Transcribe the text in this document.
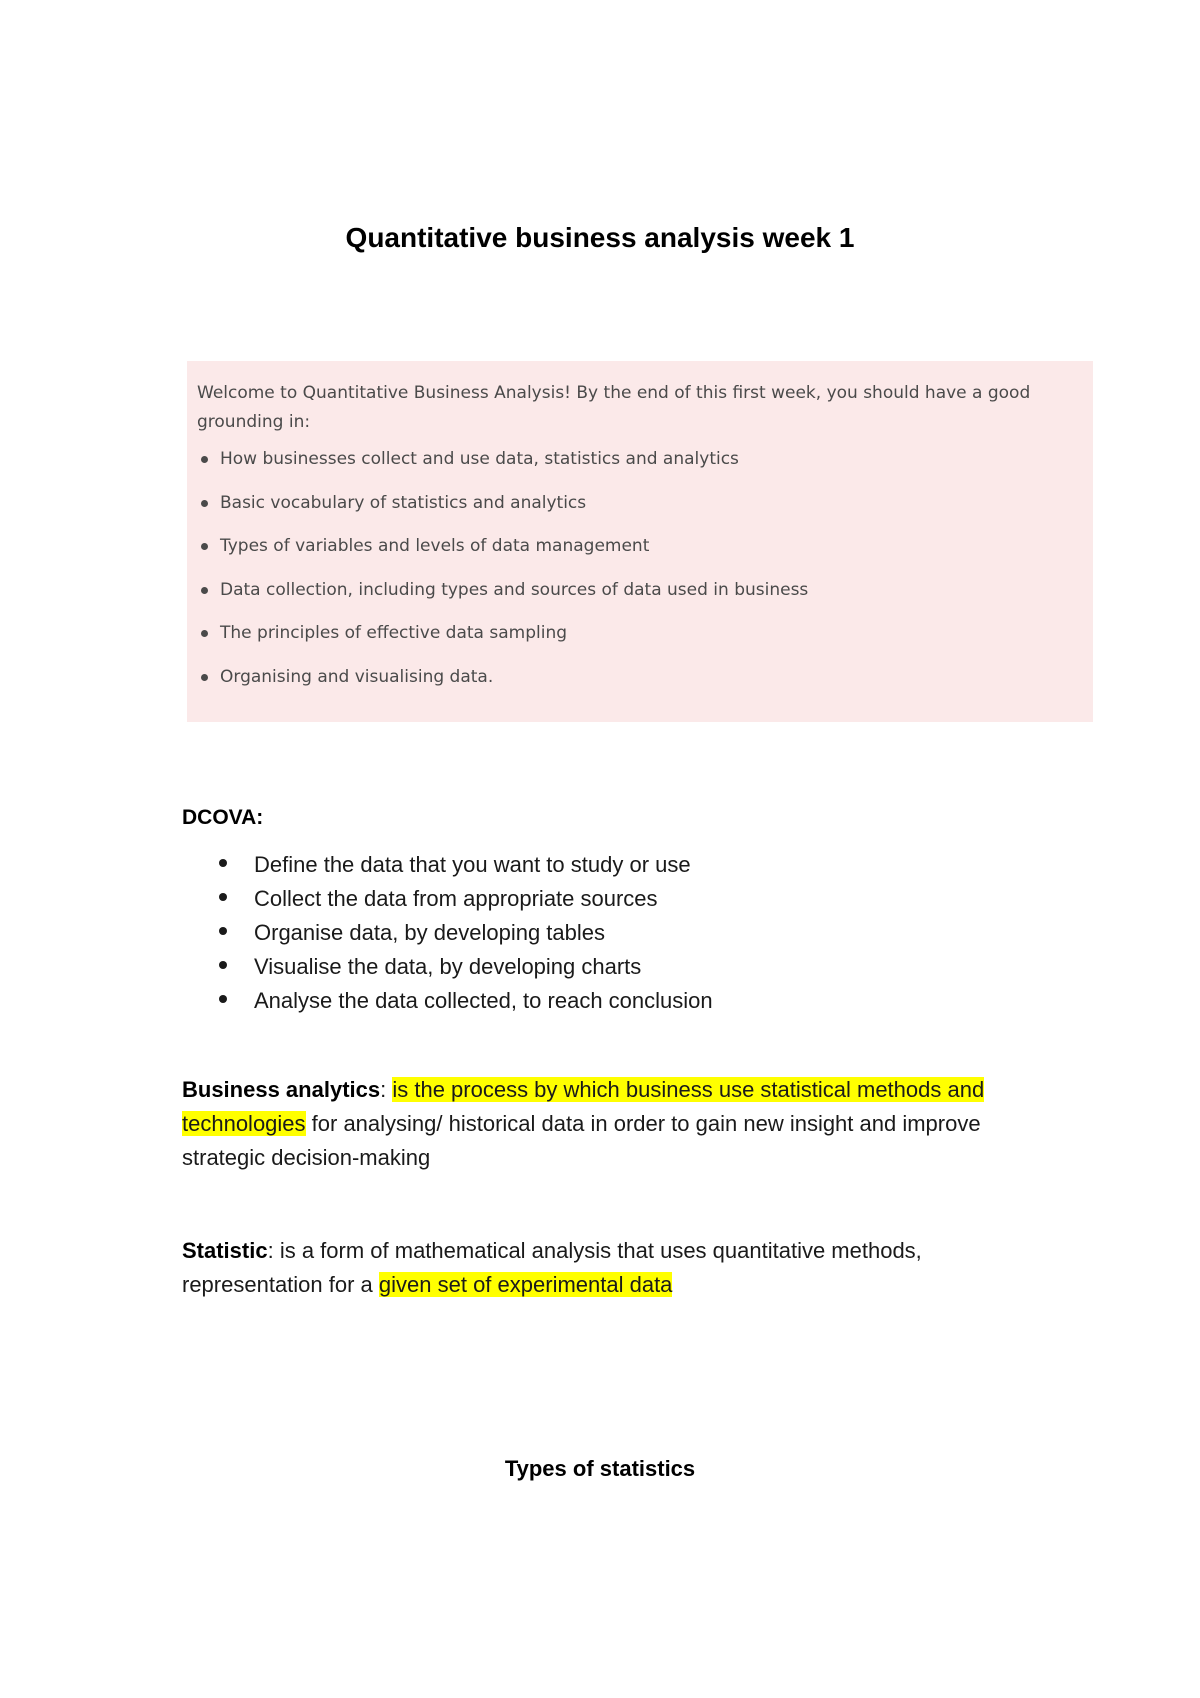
Quantitative business analysis week 1
Welcome to Quantitative Business Analysis! By the end of this first week, you should have a good grounding in:
How businesses collect and use data, statistics and analytics
Basic vocabulary of statistics and analytics
Types of variables and levels of data management
Data collection, including types and sources of data used in business
The principles of effective data sampling
Organising and visualising data.
DCOVA:
Define the data that you want to study or use
Collect the data from appropriate sources
Organise data, by developing tables
Visualise the data, by developing charts
Analyse the data collected, to reach conclusion
Business analytics: is the process by which business use statistical methods and technologies for analysing/ historical data in order to gain new insight and improve strategic decision-making
Statistic: is a form of mathematical analysis that uses quantitative methods, representation for a given set of experimental data
Types of statistics
